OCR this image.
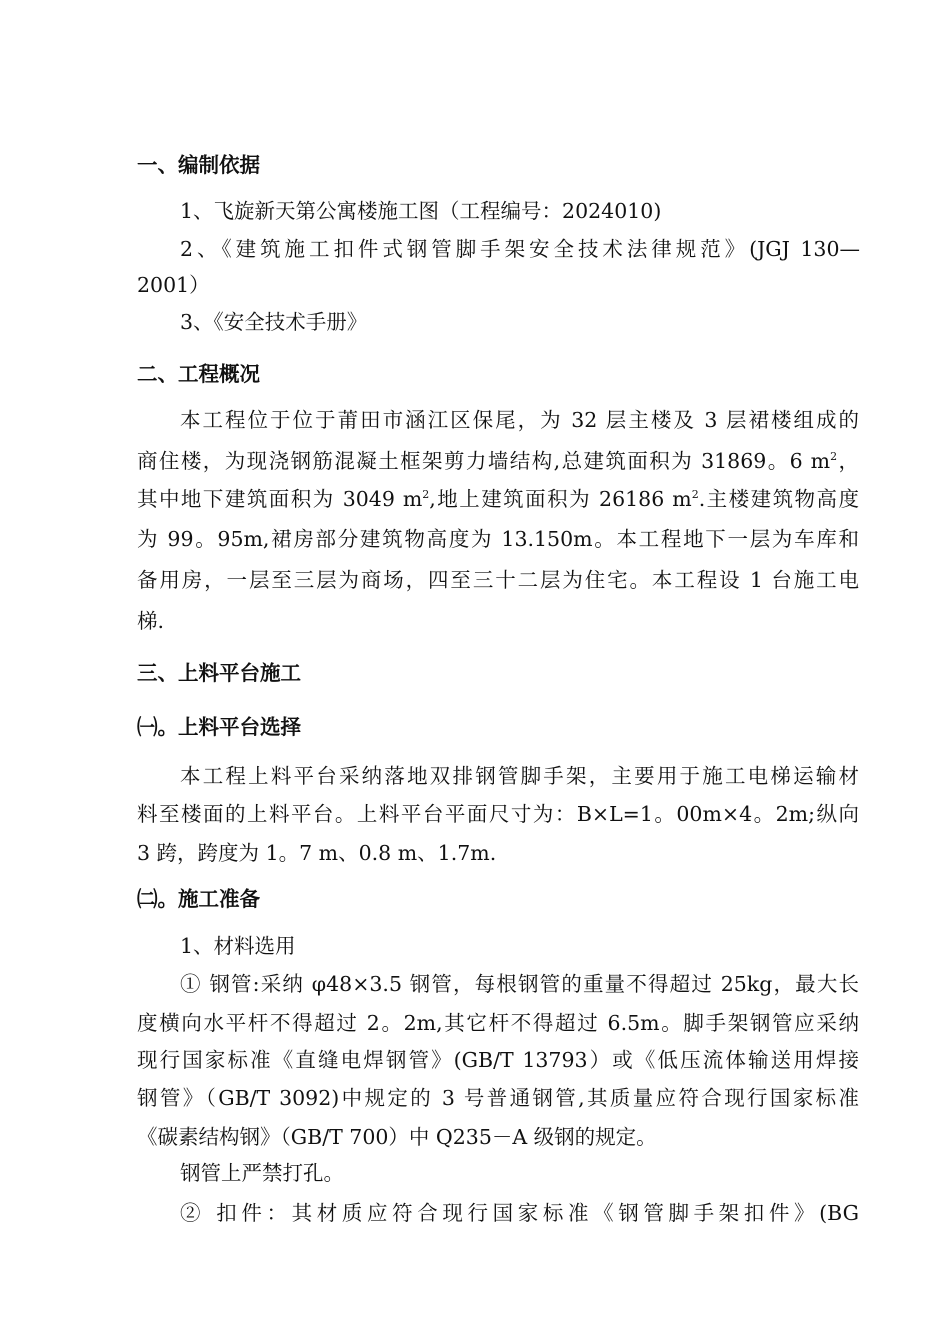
一、编制依据
1、飞旋新天第公寓楼施工图（工程编号：2024010)
2、《建筑施工扣件式钢管脚手架安全技术法律规范》(JGJ 130—
2001）
3、《安全技术手册》
二、工程概况
本工程位于位于莆田市涵江区保尾，为 32 层主楼及 3 层裙楼组成的
商住楼，为现浇钢筋混凝土框架剪力墙结构,总建筑面积为 31869。6 $m^2$，
其中地下建筑面积为 3049 $m^2$,地上建筑面积为 26186 $m^2$.主楼建筑物高度
为 99。95m,裙房部分建筑物高度为 13.150m。本工程地下一层为车库和
备用房，一层至三层为商场，四至三十二层为住宅。本工程设 1 台施工电
梯.
三、上料平台施工
㈠。上料平台选择
本工程上料平台采纳落地双排钢管脚手架，主要用于施工电梯运输材
料至楼面的上料平台。上料平台平面尺寸为：B×L=1。00m×4。2m;纵向
3 跨，跨度为 1。7 m、0.8 m、1.7m.
㈡。施工准备
1、材料选用
① 钢管:采纳 φ48×3.5 钢管，每根钢管的重量不得超过 25kg，最大长
度横向水平杆不得超过 2。2m,其它杆不得超过 6.5m。脚手架钢管应采纳
现行国家标准《直缝电焊钢管》(GB/T 13793）或《低压流体输送用焊接
钢管》（GB/T 3092)中规定的 3 号普通钢管,其质量应符合现行国家标准
《碳素结构钢》（GB/T 700）中 Q235－A 级钢的规定。
钢管上严禁打孔。
② 扣件：其材质应符合现行国家标准《钢管脚手架扣件》(BG
